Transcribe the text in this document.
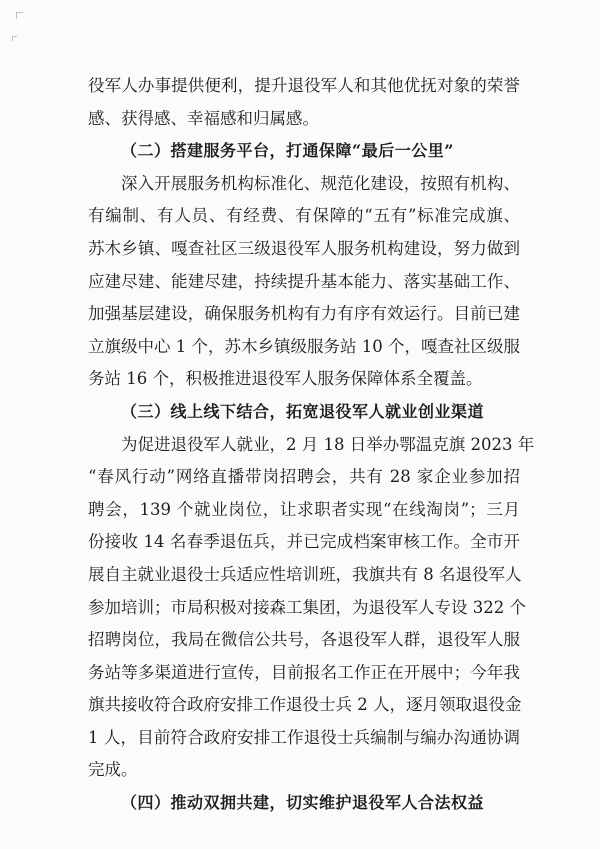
役军人办事提供便利，提升退役军人和其他优抚对象的荣誉
感、获得感、幸福感和归属感。
（二）搭建服务平台，打通保障“最后一公里”
深入开展服务机构标准化、规范化建设，按照有机构、
有编制、有人员、有经费、有保障的“五有”标准完成旗、
苏木乡镇、嘎查社区三级退役军人服务机构建设，努力做到
应建尽建、能建尽建，持续提升基本能力、落实基础工作、
加强基层建设，确保服务机构有力有序有效运行。目前已建
立旗级中心 1 个，苏木乡镇级服务站 10 个，嘎查社区级服
务站 16 个，积极推进退役军人服务保障体系全覆盖。
（三）线上线下结合，拓宽退役军人就业创业渠道
为促进退役军人就业，2 月 18 日举办鄂温克旗 2023 年
“春风行动”网络直播带岗招聘会，共有 28 家企业参加招
聘会，139 个就业岗位，让求职者实现“在线淘岗”；三月
份接收 14 名春季退伍兵，并已完成档案审核工作。全市开
展自主就业退役士兵适应性培训班，我旗共有 8 名退役军人
参加培训；市局积极对接森工集团，为退役军人专设 322 个
招聘岗位，我局在微信公共号，各退役军人群，退役军人服
务站等多渠道进行宣传，目前报名工作正在开展中；今年我
旗共接收符合政府安排工作退役士兵 2 人，逐月领取退役金
1 人，目前符合政府安排工作退役士兵编制与编办沟通协调
完成。
（四）推动双拥共建，切实维护退役军人合法权益
